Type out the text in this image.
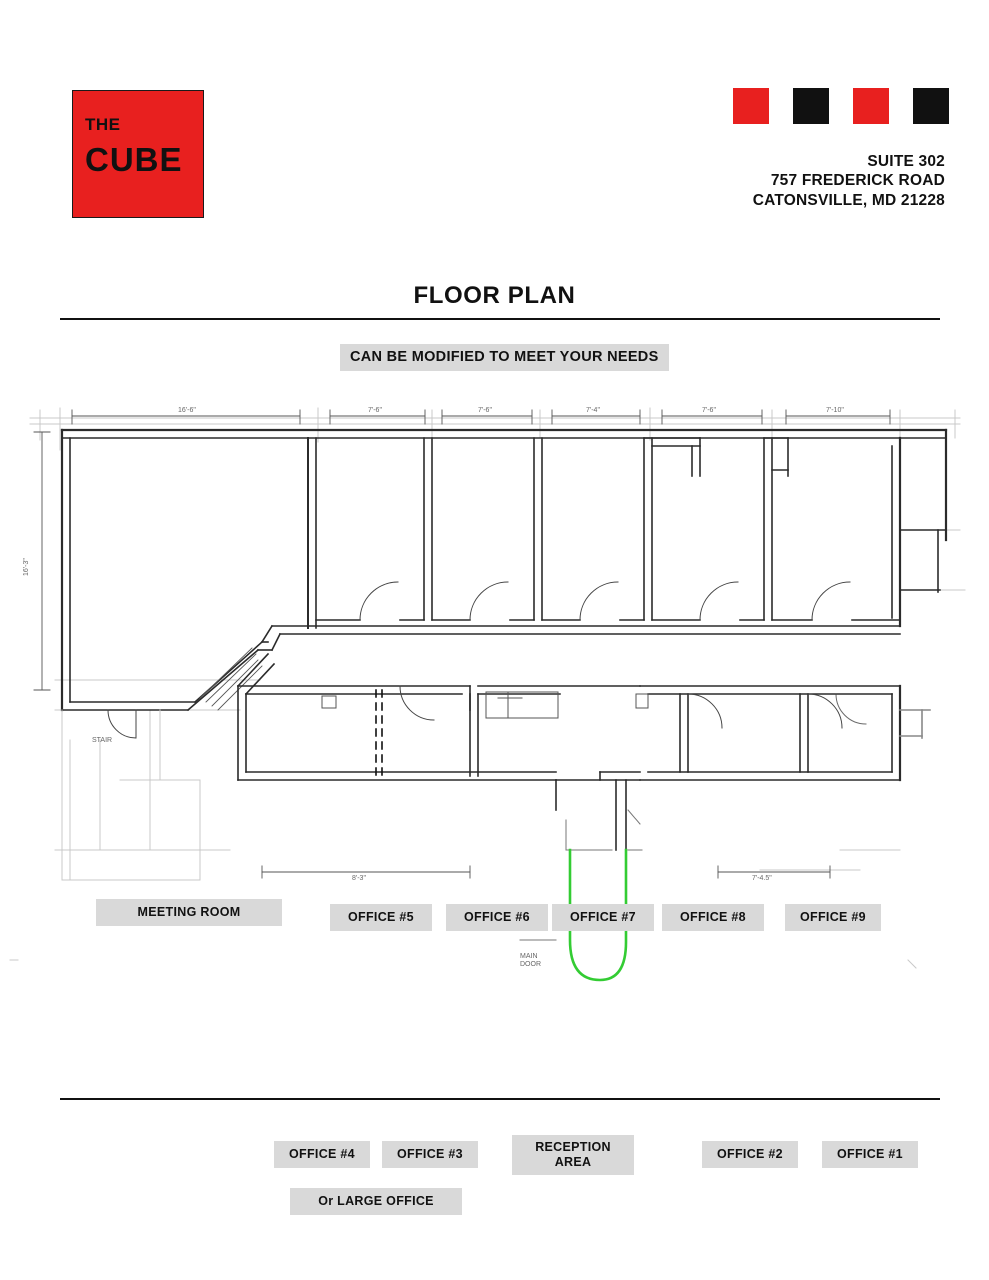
THE
CUBE	SUITE 302
757 FREDERICK ROAD
CATONSVILLE, MD 21228
FLOOR PLAN
CAN BE MODIFIED TO MEET YOUR NEEDS
16'-6"	7'-6"	7'-6"	7'-4"	7'-6"	7'-10"
16'-3"
8'-3"	7'-4.5"
STAIR
MAIN
DOOR
MEETING ROOM	OFFICE #5	OFFICE #6	OFFICE #7	OFFICE #8	OFFICE #9
OFFICE #4	OFFICE #3
Or LARGE OFFICE
RECEPTION
AREA
OFFICE #2	OFFICE #1
